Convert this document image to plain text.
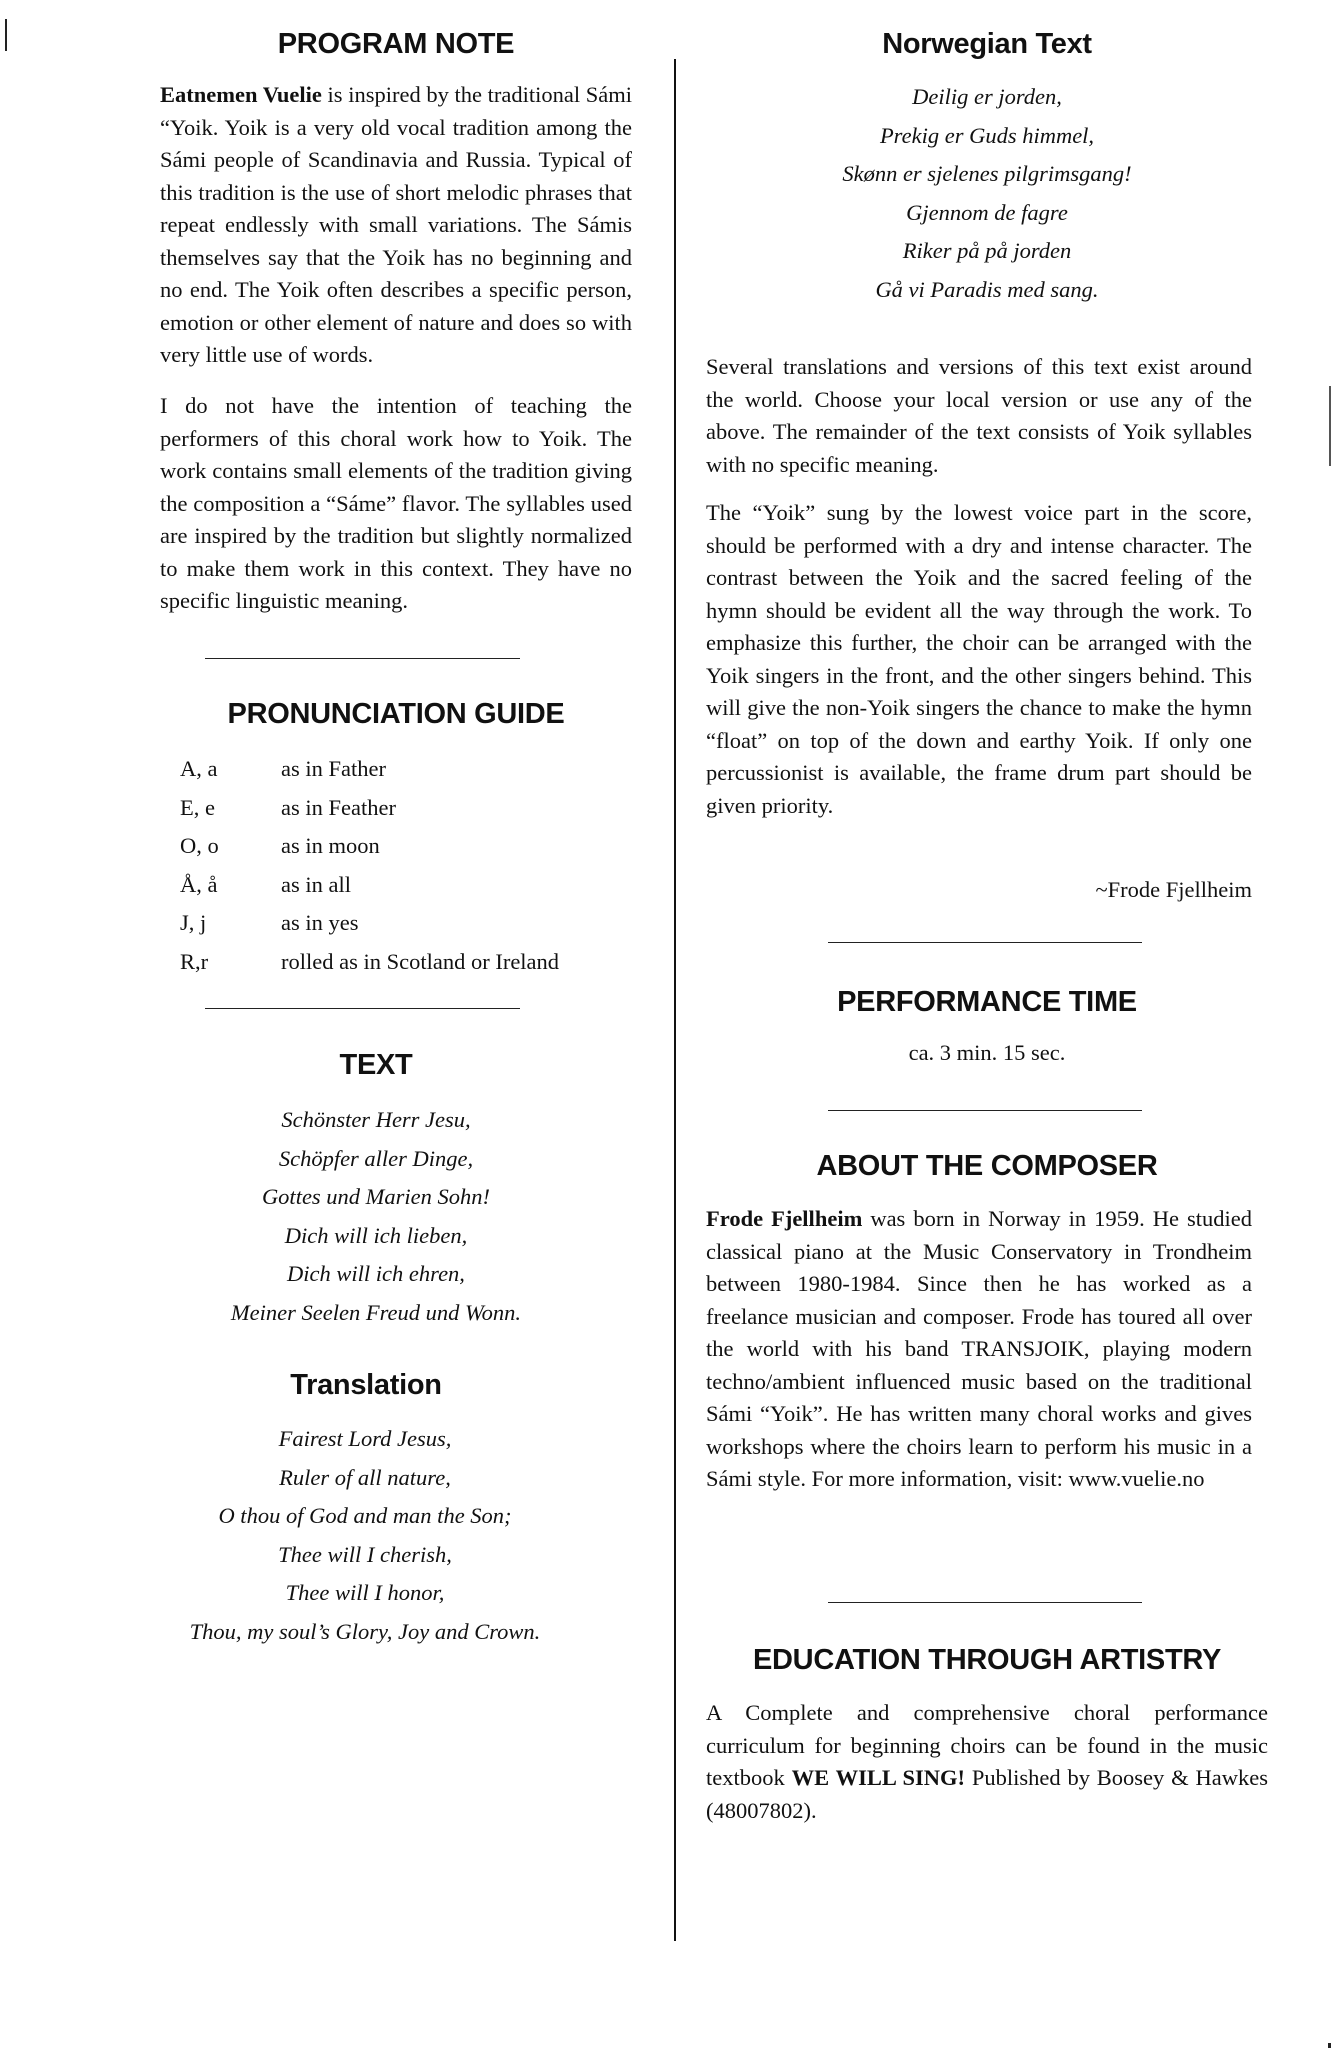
PROGRAM NOTE

Eatnemen Vuelie is inspired by the traditional Sámi “Yoik. Yoik is a very old vocal tradition among the Sámi people of Scandinavia and Russia. Typical of this tradition is the use of short melodic phrases that repeat endlessly with small variations. The Sámis themselves say that the Yoik has no beginning and no end. The Yoik often describes a specific person, emotion or other element of nature and does so with very little use of words.

I do not have the intention of teaching the performers of this choral work how to Yoik. The work contains small elements of the tradition giving the composition a “Sáme” flavor. The syllables used are inspired by the tradition but slightly normalized to make them work in this context. They have no specific linguistic meaning.

PRONUNCIATION GUIDE
A, a	as in Father
E, e	as in Feather
O, o	as in moon
Å, å	as in all
J, j	as in yes
R,r	rolled as in Scotland or Ireland
TEXT
Schönster Herr Jesu,
Schöpfer aller Dinge,
Gottes und Marien Sohn!
Dich will ich lieben,
Dich will ich ehren,
Meiner Seelen Freud und Wonn.
Translation
Fairest Lord Jesus,
Ruler of all nature,
O thou of God and man the Son;
Thee will I cherish,
Thee will I honor,
Thou, my soul’s Glory, Joy and Crown.
Norwegian Text
Deilig er jorden,
Prekig er Guds himmel,
Skønn er sjelenes pilgrimsgang!
Gjennom de fagre
Riker på på jorden
Gå vi Paradis med sang.

Several translations and versions of this text exist around the world. Choose your local version or use any of the above. The remainder of the text consists of Yoik syllables with no specific meaning.

The “Yoik” sung by the lowest voice part in the score, should be performed with a dry and intense character. The contrast between the Yoik and the sacred feeling of the hymn should be evident all the way through the work. To emphasize this further, the choir can be arranged with the Yoik singers in the front, and the other singers behind. This will give the non-Yoik singers the chance to make the hymn “float” on top of the down and earthy Yoik. If only one percussionist is available, the frame drum part should be given priority.

~Frode Fjellheim
PERFORMANCE TIME
ca. 3 min. 15 sec.
ABOUT THE COMPOSER

Frode Fjellheim was born in Norway in 1959. He studied classical piano at the Music Conservatory in Trondheim between 1980-1984. Since then he has worked as a freelance musician and composer. Frode has toured all over the world with his band TRANSJOIK, playing modern techno/ambient influenced music based on the traditional Sámi “Yoik”. He has written many choral works and gives workshops where the choirs learn to perform his music in a Sámi style. For more information, visit: www.vuelie.no

EDUCATION THROUGH ARTISTRY

A Complete and comprehensive choral performance curriculum for beginning choirs can be found in the music textbook WE WILL SING! Published by Boosey & Hawkes (48007802).
